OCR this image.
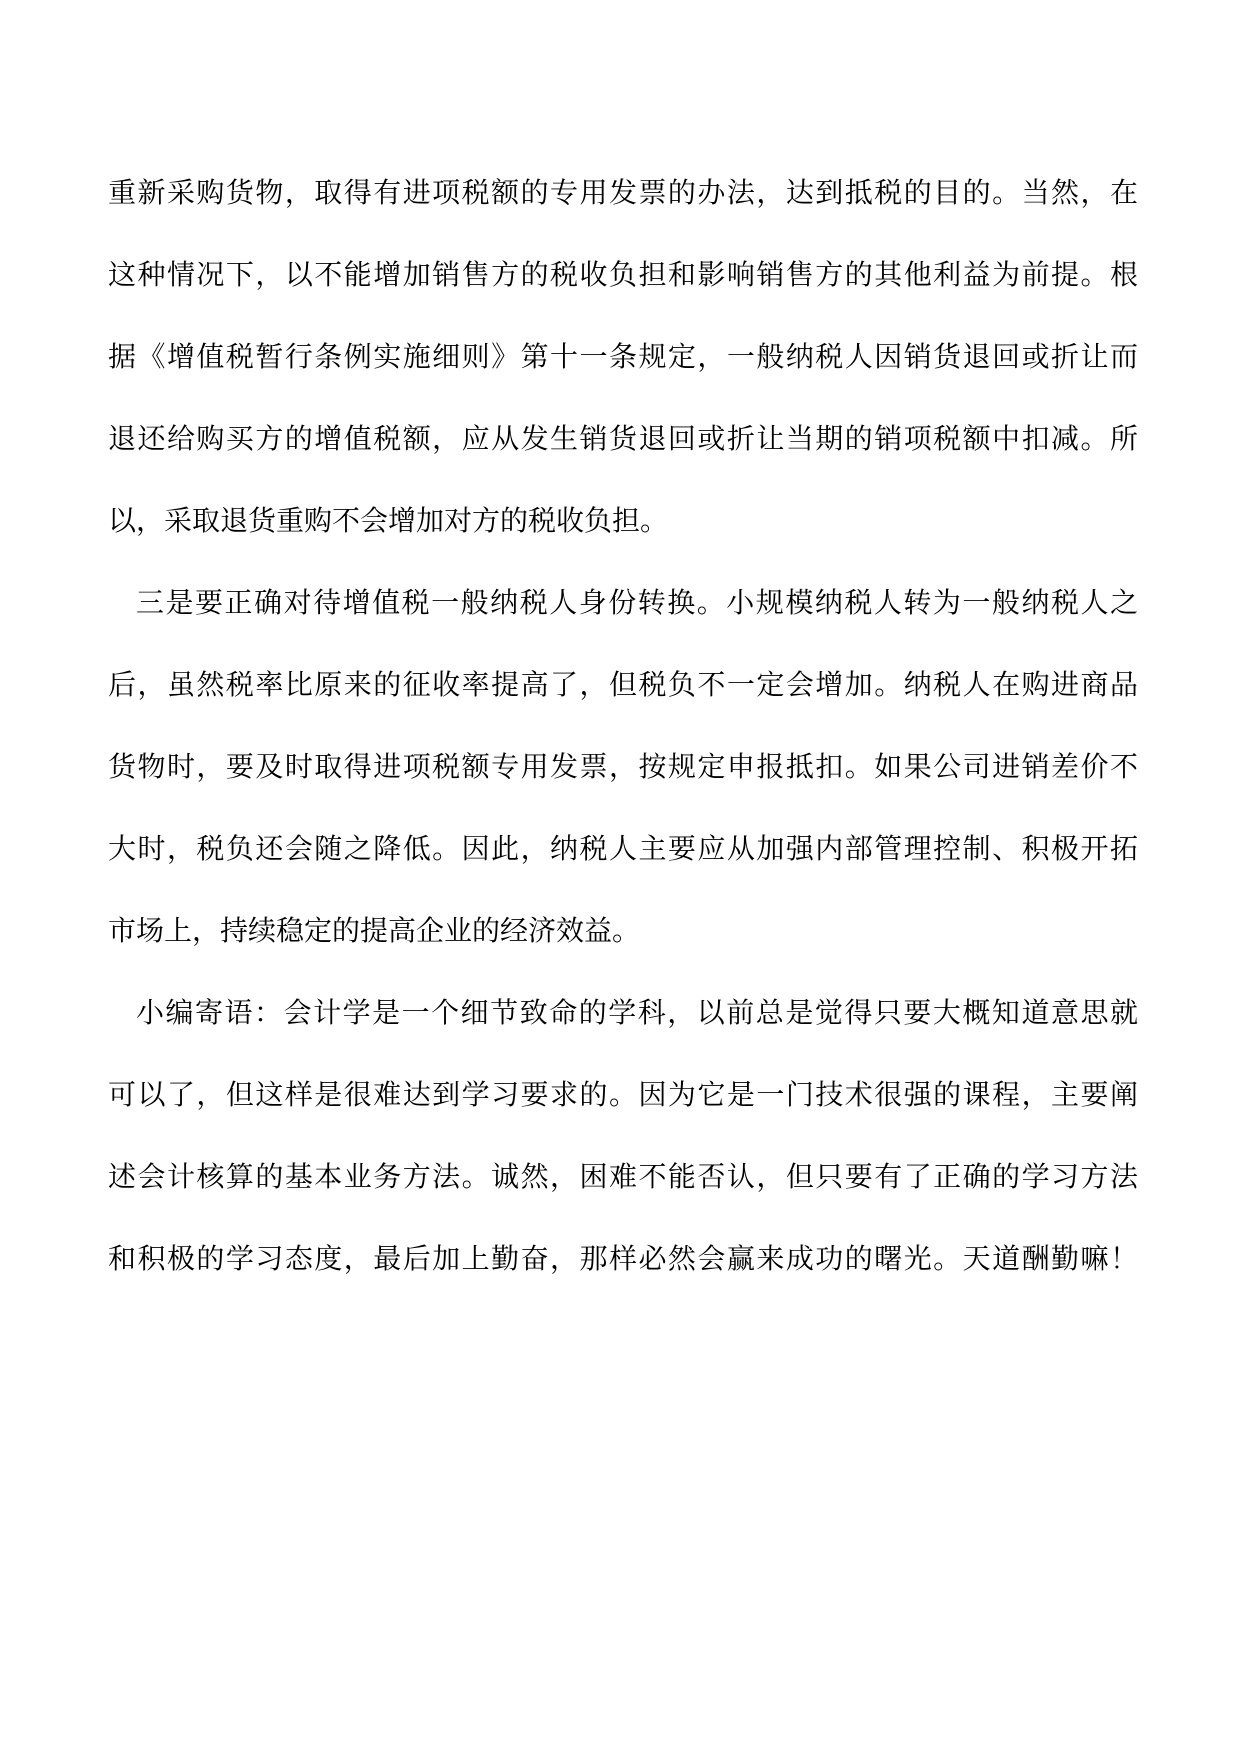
重新采购货物，取得有进项税额的专用发票的办法，达到抵税的目的。当然，在
这种情况下，以不能增加销售方的税收负担和影响销售方的其他利益为前提。根
据《增值税暂行条例实施细则》第十一条规定，一般纳税人因销货退回或折让而
退还给购买方的增值税额，应从发生销货退回或折让当期的销项税额中扣减。所
以，采取退货重购不会增加对方的税收负担。
三是要正确对待增值税一般纳税人身份转换。小规模纳税人转为一般纳税人之
后，虽然税率比原来的征收率提高了，但税负不一定会增加。纳税人在购进商品
货物时，要及时取得进项税额专用发票，按规定申报抵扣。如果公司进销差价不
大时，税负还会随之降低。因此，纳税人主要应从加强内部管理控制、积极开拓
市场上，持续稳定的提高企业的经济效益。
小编寄语：会计学是一个细节致命的学科，以前总是觉得只要大概知道意思就
可以了，但这样是很难达到学习要求的。因为它是一门技术很强的课程，主要阐
述会计核算的基本业务方法。诚然，困难不能否认，但只要有了正确的学习方法
和积极的学习态度，最后加上勤奋，那样必然会赢来成功的曙光。天道酬勤嘛！
